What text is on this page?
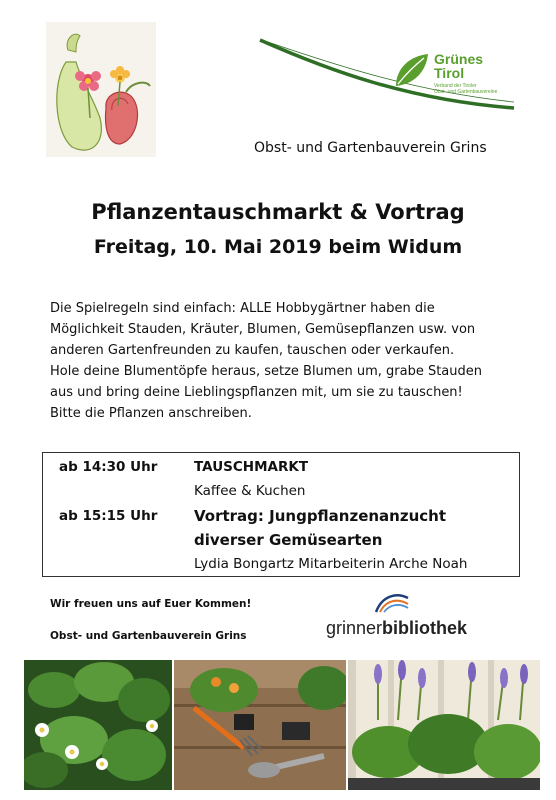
Grünes
Tirol
Verband der Tiroler
Obst- und Gartenbauvereine
Obst- und Gartenbauverein Grins
Pflanzentauschmarkt & Vortrag
Freitag, 10. Mai 2019 beim Widum
Die Spielregeln sind einfach: ALLE Hobbygärtner haben die
Möglichkeit Stauden, Kräuter, Blumen, Gemüsepflanzen usw. von
anderen Gartenfreunden zu kaufen, tauschen oder verkaufen.
Hole deine Blumentöpfe heraus, setze Blumen um, grabe Stauden
aus und bring deine Lieblingspflanzen mit, um sie zu tauschen!
Bitte die Pflanzen anschreiben.
ab 14:30 Uhr	TAUSCHMARKT
Kaffee & Kuchen
ab 15:15 Uhr Vortrag: Jungpflanzenanzucht
diverser Gemüsearten
Lydia Bongartz Mitarbeiterin Arche Noah
Wir freuen uns auf Euer Kommen!
Obst- und Gartenbauverein Grins	grinnerbibliothek
